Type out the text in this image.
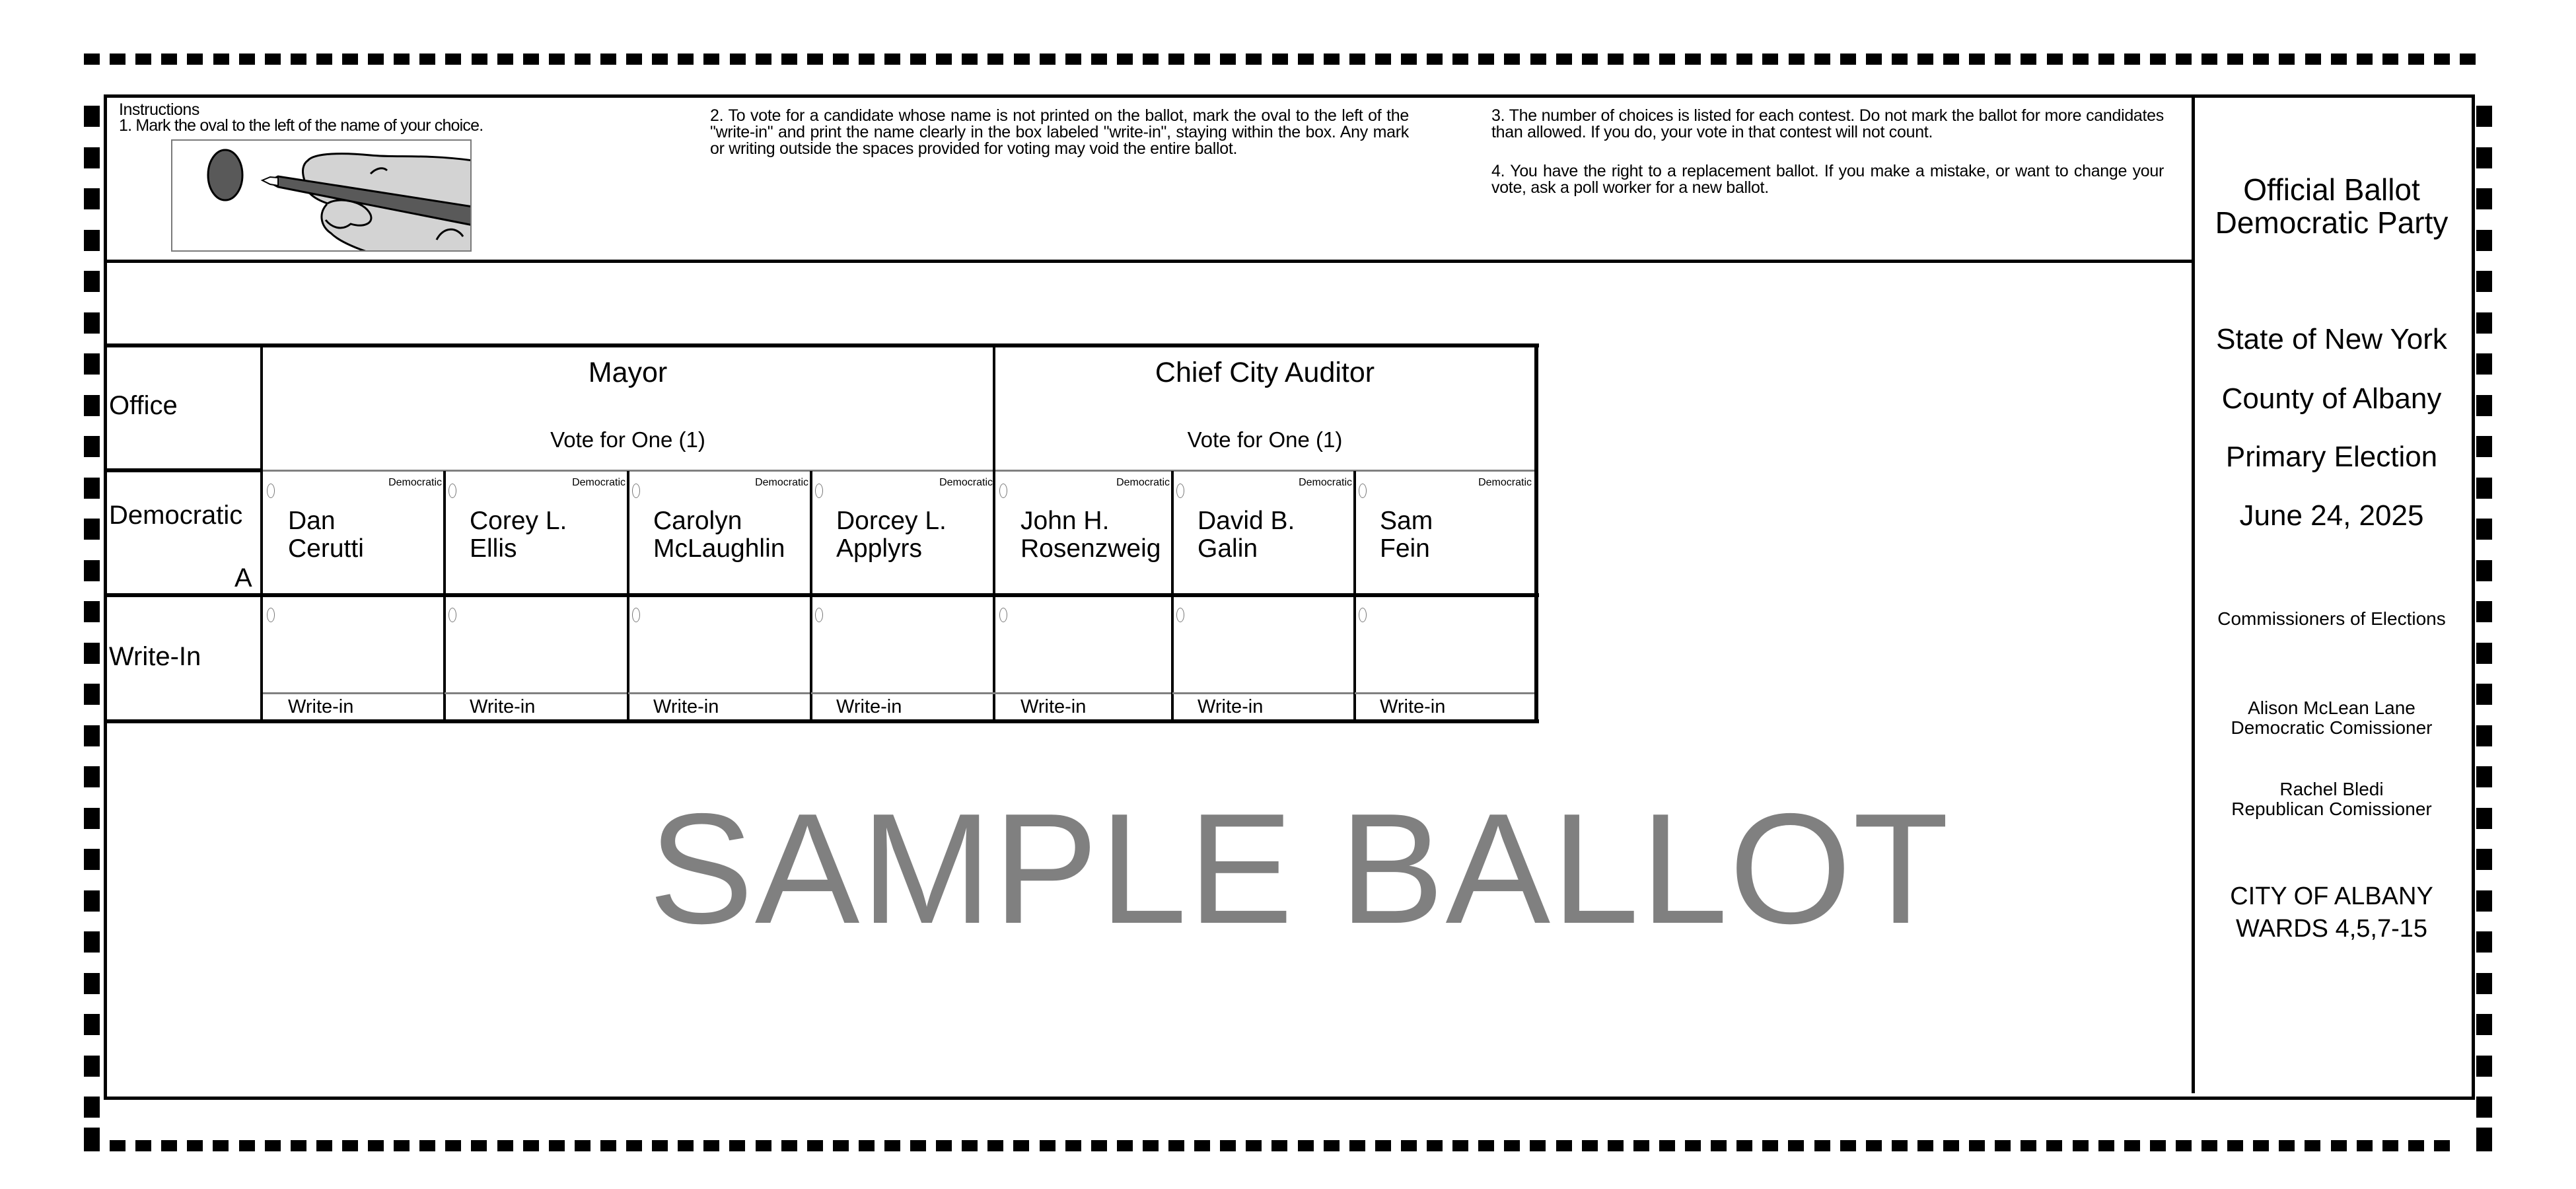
Instructions
1. Mark the oval to the left of the name of your choice.
2. To vote for a candidate whose name is not printed on the ballot, mark the oval to the left of the "write-in" and print the name clearly in the box labeled "write-in", staying within the box. Any mark or writing outside the spaces provided for voting may void the entire ballot.
3. The number of choices is listed for each contest. Do not mark the ballot for more candidates than allowed. If you do, your vote in that contest will not count.
4. You have the right to a replacement ballot. If you make a mistake, or want to change your vote, ask a poll worker for a new ballot.	Official Ballot
Democratic Party
State of New York
County of Albany
Primary Election
June 24, 2025
Commissioners of Elections
Alison McLean Lane
Democratic Comissioner
Rachel Bledi
Republican Comissioner
CITY OF ALBANY
WARDS 4,5,7-15
Office
Democratic
A
Write-In
Mayor
Vote for One (1)
Chief City Auditor
Vote for One (1)
Democratic
Dan
Cerutti
Write-in
Democratic
Corey L.
Ellis
Write-in
Democratic
Carolyn
McLaughlin
Write-in
Democratic
Dorcey L.
Applyrs
Write-in
Democratic
John H.
Rosenzweig
Write-in
Democratic
David B.
Galin
Write-in
Democratic
Sam
Fein
Write-in
SAMPLE BALLOT
